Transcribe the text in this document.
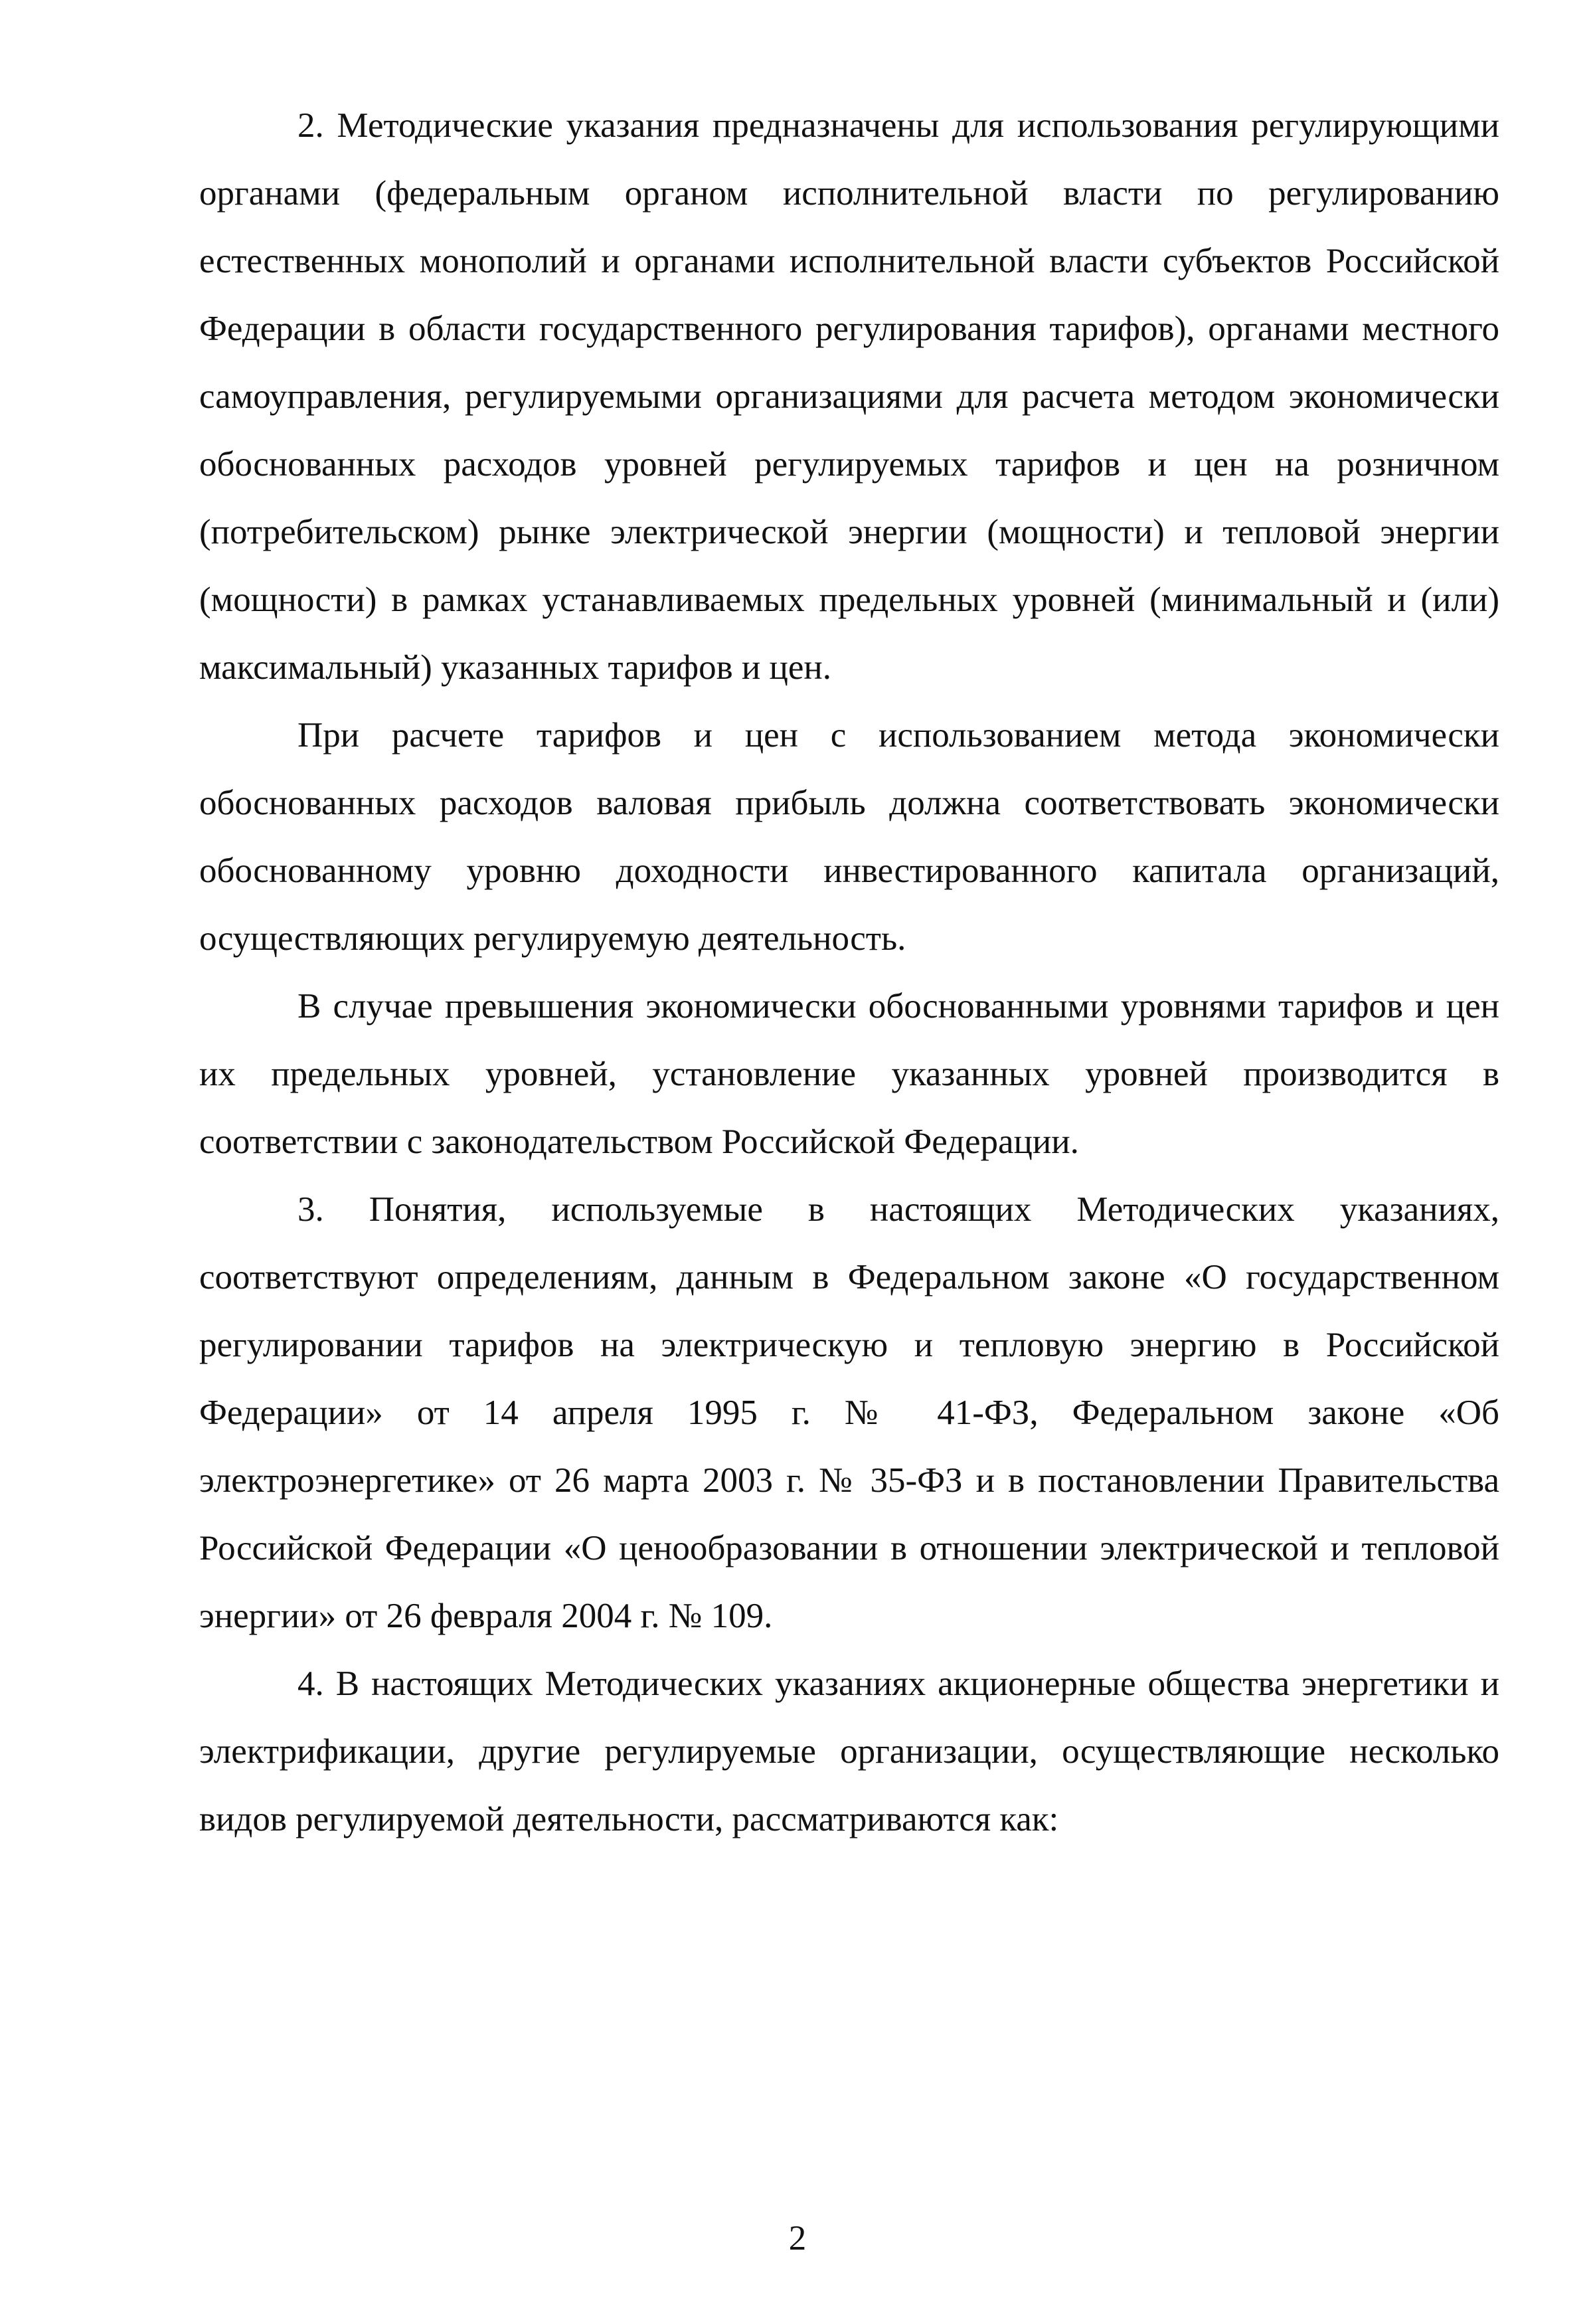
2. Методические указания предназначены для использования регулирующими органами (федеральным органом исполнительной власти по регулированию естественных монополий и органами исполнительной власти субъектов Российской Федерации в области государственного регулирования тарифов), органами местного самоуправления, регулируемыми организациями для расчета методом экономически обоснованных расходов уровней регулируемых тарифов и цен на розничном (потребительском) рынке электрической энергии (мощности) и тепловой энергии (мощности) в рамках устанавливаемых предельных уровней (минимальный и (или) максимальный) указанных тарифов и цен.

При расчете тарифов и цен с использованием метода экономически обоснованных расходов валовая прибыль должна соответствовать экономически обоснованному уровню доходности инвестированного капитала организаций, осуществляющих регулируемую деятельность.

В случае превышения экономически обоснованными уровнями тарифов и цен их предельных уровней, установление указанных уровней производится в соответствии с законодательством Российской Федерации.

3. Понятия, используемые в настоящих Методических указаниях, соответствуют определениям, данным в Федеральном законе «О государственном регулировании тарифов на электрическую и тепловую энергию в Российской Федерации» от 14 апреля 1995 г. № 41-ФЗ, Федеральном законе «Об электроэнергетике» от 26 марта 2003 г. № 35-ФЗ и в постановлении Правительства Российской Федерации «О ценообразовании в отношении электрической и тепловой энергии» от 26 февраля 2004 г. № 109.

4. В настоящих Методических указаниях акционерные общества энергетики и электрификации, другие регулируемые организации, осуществляющие несколько видов регулируемой деятельности, рассматриваются как:

2
